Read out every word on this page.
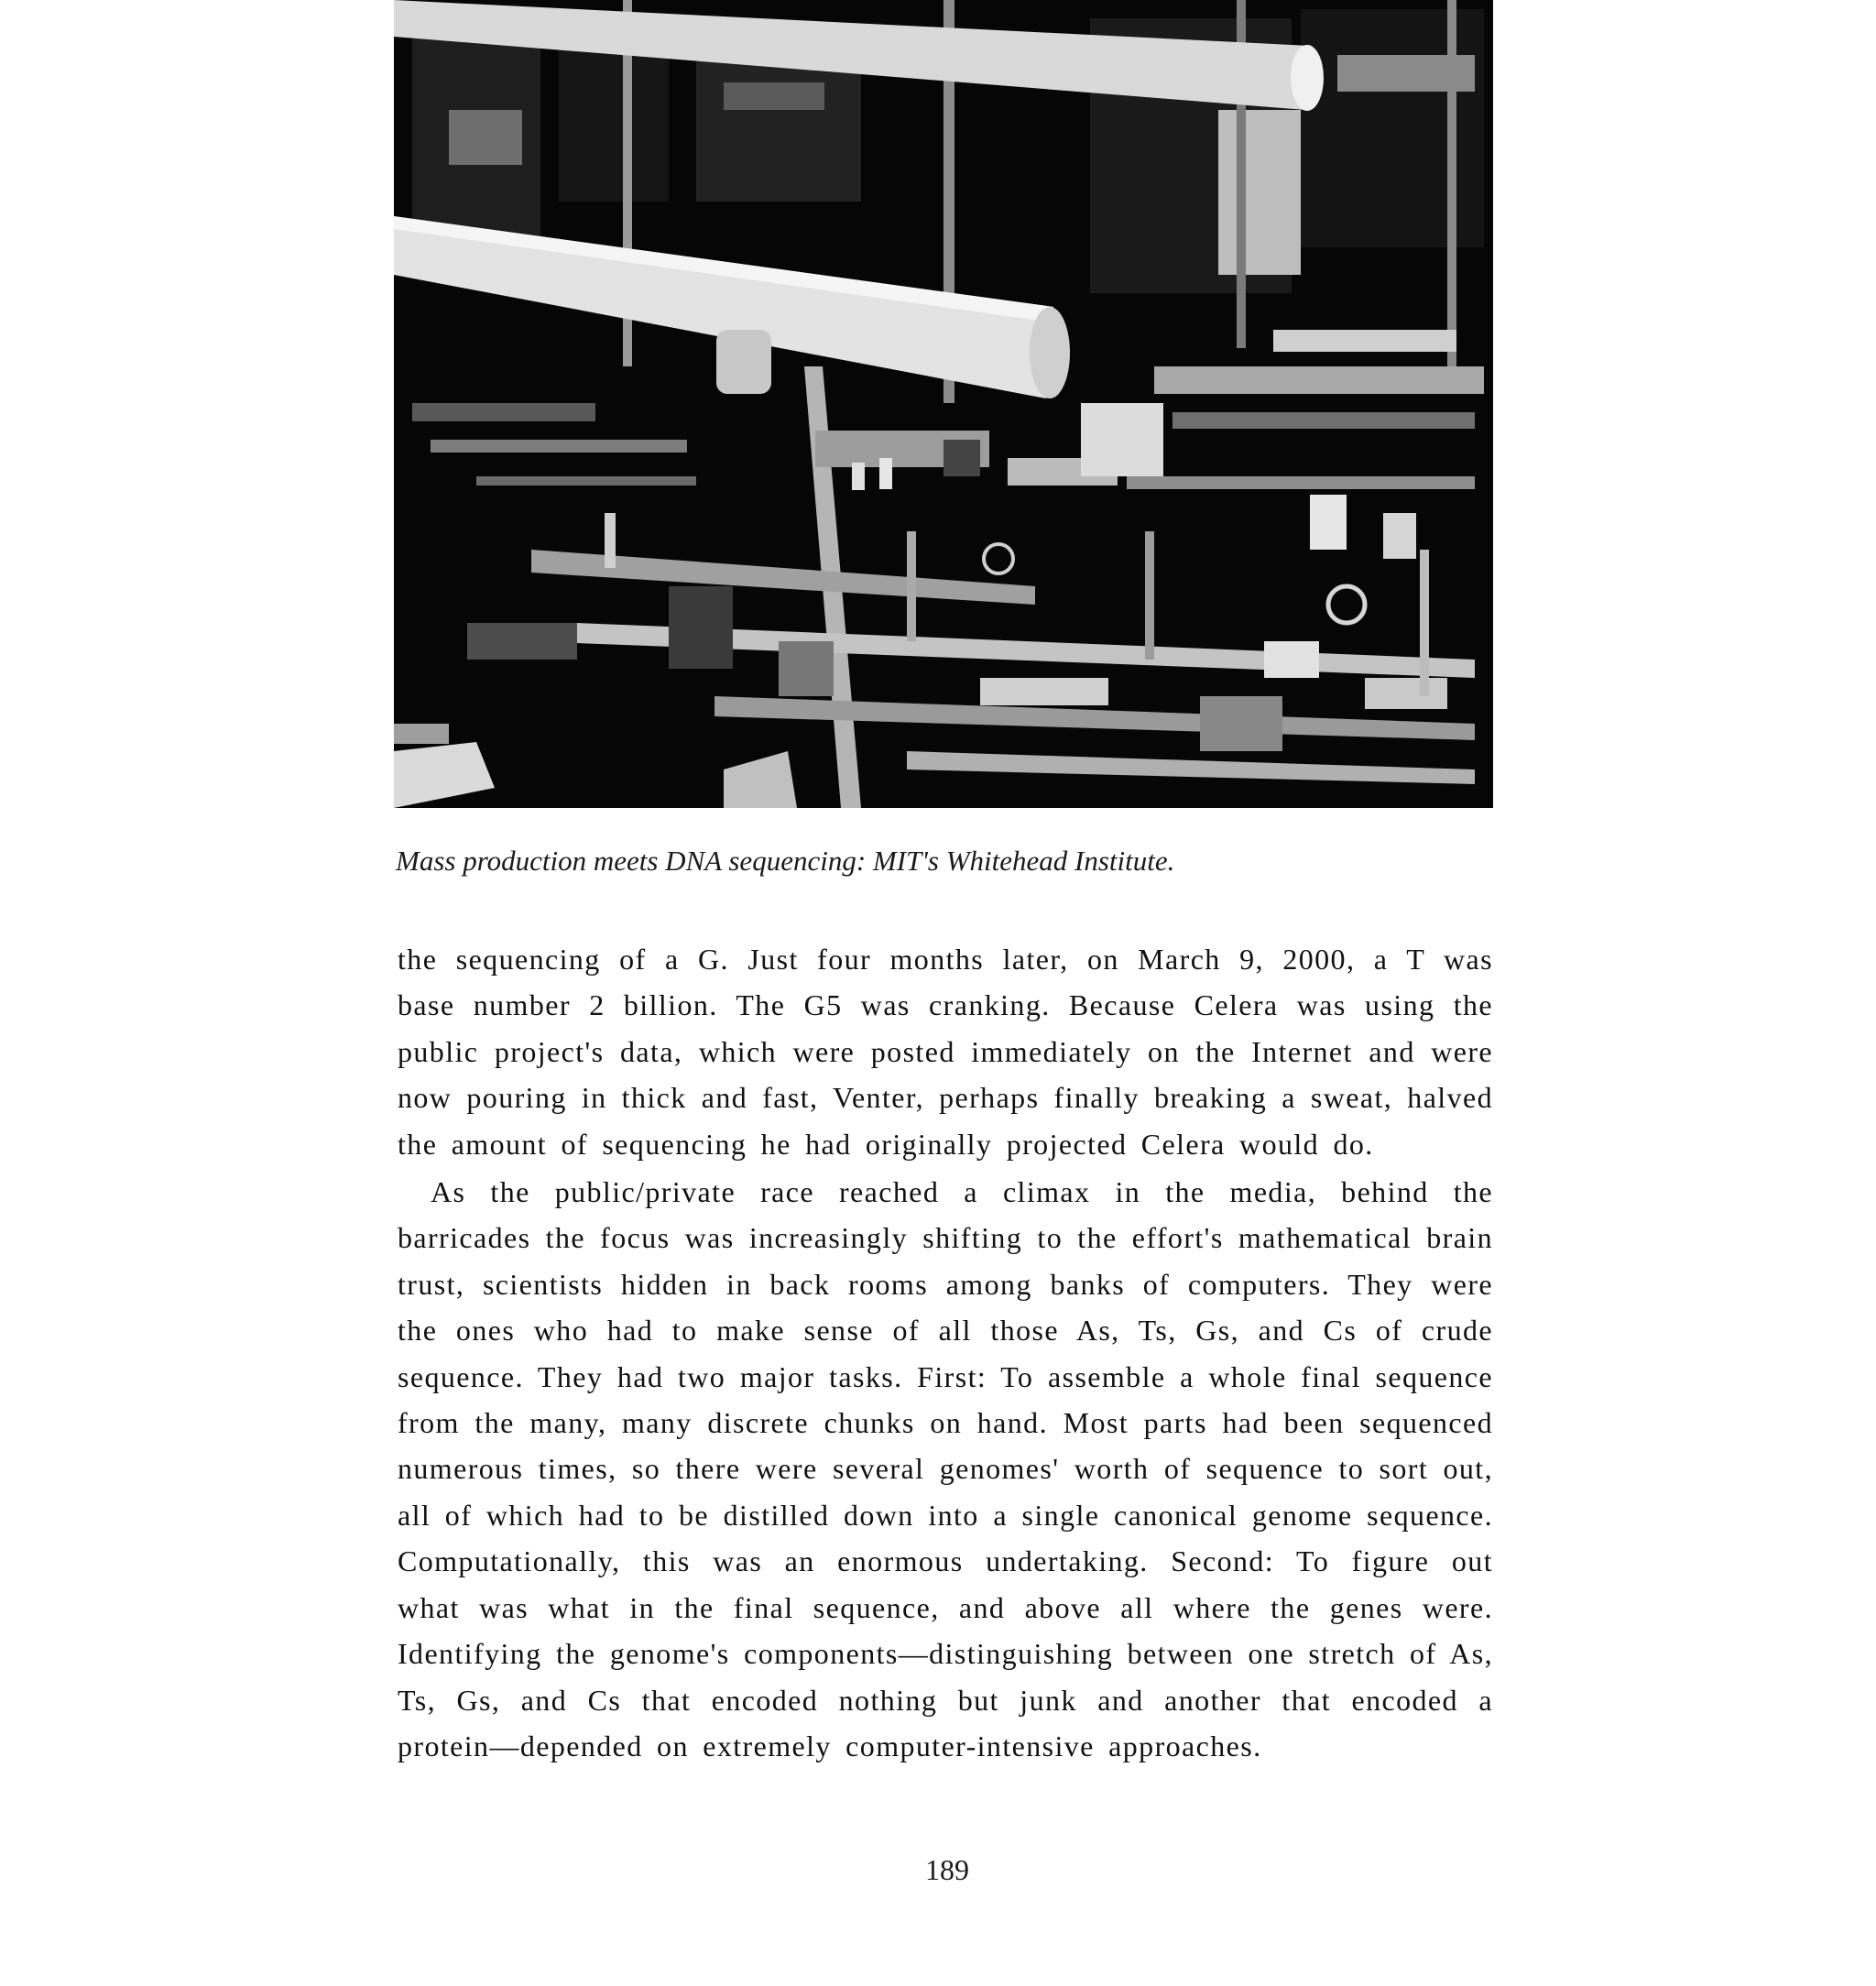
Mass production meets DNA sequencing: MIT's Whitehead Institute.

the sequencing of a G. Just four months later, on March 9, 2000, a T was base number 2 billion. The G5 was cranking. Because Celera was using the public project's data, which were posted immediately on the Internet and were now pouring in thick and fast, Venter, perhaps finally breaking a sweat, halved the amount of sequencing he had originally projected Celera would do.

As the public/private race reached a climax in the media, behind the barricades the focus was increasingly shifting to the effort's mathematical brain trust, scientists hidden in back rooms among banks of computers. They were the ones who had to make sense of all those As, Ts, Gs, and Cs of crude sequence. They had two major tasks. First: To assemble a whole final sequence from the many, many discrete chunks on hand. Most parts had been sequenced numerous times, so there were several genomes' worth of sequence to sort out, all of which had to be distilled down into a single canonical genome sequence. Computationally, this was an enormous undertaking. Second: To figure out what was what in the final sequence, and above all where the genes were. Identifying the genome's components—distinguishing between one stretch of As, Ts, Gs, and Cs that encoded nothing but junk and another that encoded a protein—depended on extremely computer-intensive approaches.

189
